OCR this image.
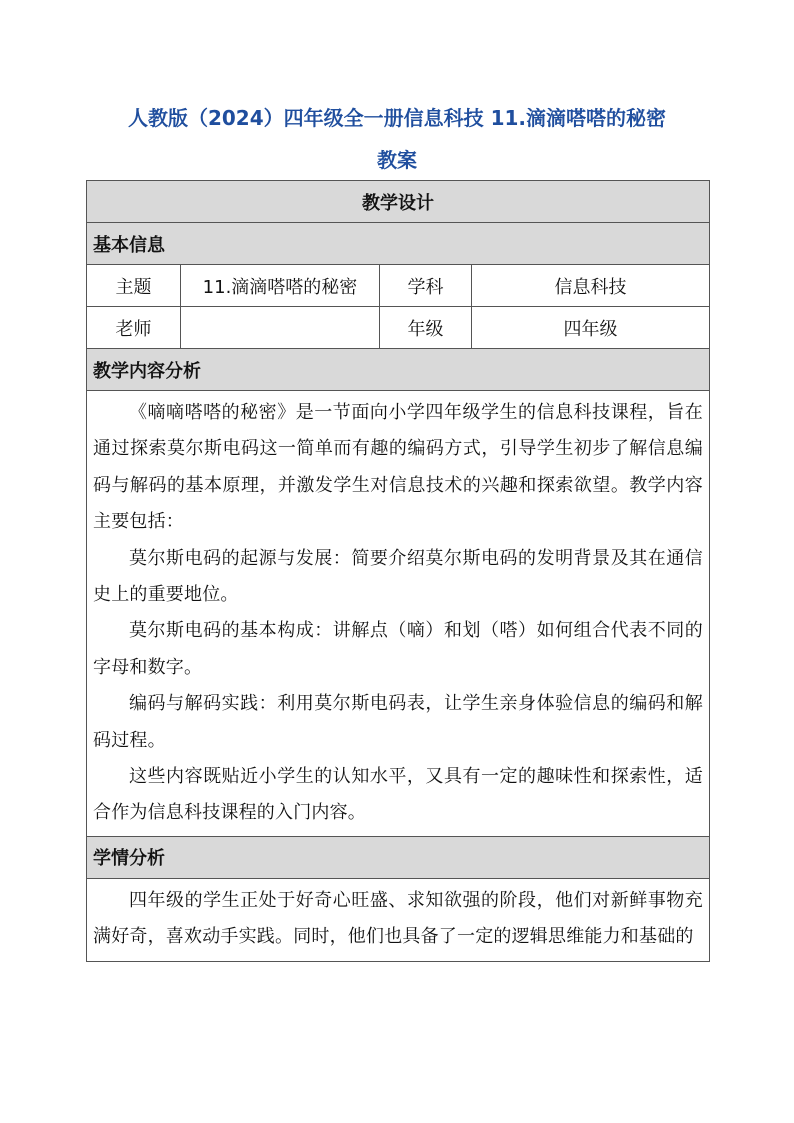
人教版（2024）四年级全一册信息科技 11.滴滴嗒嗒的秘密
教案
教学设计			
基本信息			
主题	11.滴滴嗒嗒的秘密	学科	信息科技
老师		年级	四年级
教学内容分析			

《嘀嘀嗒嗒的秘密》是一节面向小学四年级学生的信息科技课程，旨在通过探索莫尔斯电码这一简单而有趣的编码方式，引导学生初步了解信息编码与解码的基本原理，并激发学生对信息技术的兴趣和探索欲望。教学内容主要包括：

莫尔斯电码的起源与发展：简要介绍莫尔斯电码的发明背景及其在通信史上的重要地位。

莫尔斯电码的基本构成：讲解点（嘀）和划（嗒）如何组合代表不同的字母和数字。

编码与解码实践：利用莫尔斯电码表，让学生亲身体验信息的编码和解码过程。

这些内容既贴近小学生的认知水平，又具有一定的趣味性和探索性，适合作为信息科技课程的入门内容。			

学情分析			

四年级的学生正处于好奇心旺盛、求知欲强的阶段，他们对新鲜事物充满好奇，喜欢动手实践。同时，他们也具备了一定的逻辑思维能力和基础的			
